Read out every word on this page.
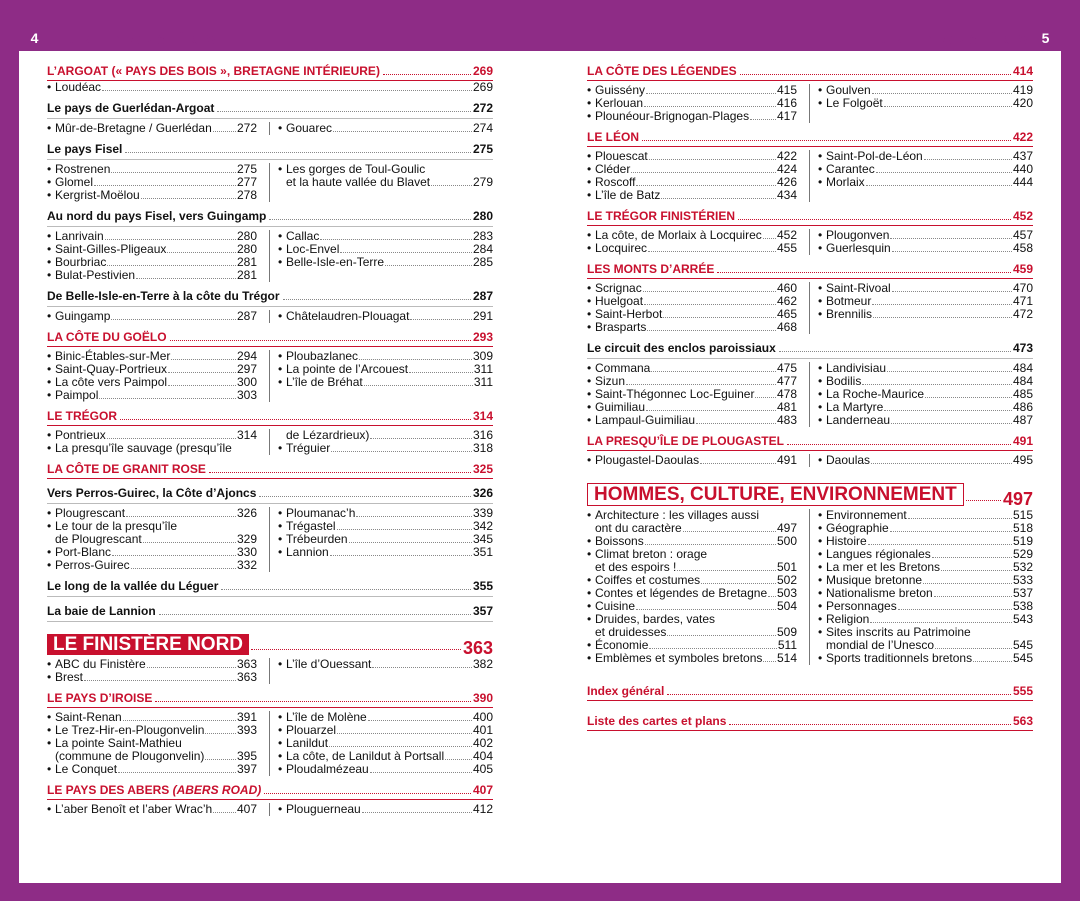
4	TABLE DES MATIÈRES	TABLE DES MATIÈRES	5
L’ARGOAT (« PAYS DES BOIS », BRETAGNE INTÉRIEURE)	269
• Loudéac	269
Le pays de Guerlédan-Argoat	272
• Mûr-de-Bretagne / Guerlédan 272 • Gouarec	274
Le pays Fisel	275
• Rostrenen	275
• Glomel	277
• Kergrist-Moëlou	278
• Les gorges de Toul-Goulic
et la haute vallée du Blavet	279
Au nord du pays Fisel, vers Guingamp	280
• Lanrivain	280
• Saint-Gilles-Pligeaux	280
• Bourbriac	281
• Bulat-Pestivien	281
• Callac	283
• Loc-Envel	284
• Belle-Isle-en-Terre	285
De Belle-Isle-en-Terre à la côte du Trégor	287
• Guingamp	287 • Châtelaudren-Plouagat	291
LA CÔTE DU GOËLO	293
• Binic-Étables-sur-Mer	294
• Saint-Quay-Portrieux	297
• La côte vers Paimpol	300
• Paimpol	303
• Ploubazlanec	309
• La pointe de l’Arcouest	311
• L’île de Bréhat	311
LE TRÉGOR	314
• Pontrieux	314
• La presqu’île sauvage (presqu’île
de Lézardrieux)	316
• Tréguier	318
LA CÔTE DE GRANIT ROSE	325
Vers Perros-Guirec, la Côte d’Ajoncs	326
• Plougrescant	326
• Le tour de la presqu’île
de Plougrescant	329
• Port-Blanc	330
• Perros-Guirec	332
• Ploumanac’h	339
• Trégastel	342
• Trébeurden	345
• Lannion	351
Le long de la vallée du Léguer	355
La baie de Lannion	357
LE FINISTÈRE NORD	363
• ABC du Finistère	363
• Brest	363
• L’île d’Ouessant	382
LE PAYS D’IROISE	390
• Saint-Renan	391
• Le Trez-Hir-en-Plougonvelin	393
• La pointe Saint-Mathieu
(commune de Plougonvelin)	395
• Le Conquet	397
• L’île de Molène	400
• Plouarzel	401
• Lanildut	402
• La côte, de Lanildut à Portsall 404
• Ploudalmézeau	405
LE PAYS DES ABERS (ABERS ROAD)	407
• L’aber Benoît et l’aber Wrac’h 407 • Plouguerneau	412
LA CÔTE DES LÉGENDES	414
• Guissény	415
• Kerlouan	416
• Plounéour-Brignogan-Plages 417
• Goulven	419
• Le Folgoët	420
LE LÉON	422
• Plouescat	422
• Cléder	424
• Roscoff	426
• L’île de Batz	434
• Saint-Pol-de-Léon	437
• Carantec	440
• Morlaix	444
LE TRÉGOR FINISTÉRIEN	452
• La côte, de Morlaix à Locquirec 452
• Locquirec	455
• Plougonven	457
• Guerlesquin	458
LES MONTS D’ARRÉE	459
• Scrignac	460
• Huelgoat	462
• Saint-Herbot	465
• Brasparts	468
• Saint-Rivoal	470
• Botmeur	471
• Brennilis	472
Le circuit des enclos paroissiaux	473
• Commana	475
• Sizun	477
• Saint-Thégonnec Loc-Eguiner 478
• Guimiliau	481
• Lampaul-Guimiliau	483
• Landivisiau	484
• Bodilis	484
• La Roche-Maurice	485
• La Martyre	486
• Landerneau	487
LA PRESQU’ÎLE DE PLOUGASTEL	491
• Plougastel-Daoulas	491 • Daoulas	495
HOMMES, CULTURE, ENVIRONNEMENT	497
• Architecture : les villages aussi
ont du caractère	497
• Boissons	500
• Climat breton : orage
et des espoirs !	501
• Coiffes et costumes	502
• Contes et légendes de Bretagne 503
• Cuisine	504
• Druides, bardes, vates
et druidesses	509
• Économie	511
• Emblèmes et symboles bretons 514
• Environnement	515
• Géographie	518
• Histoire	519
• Langues régionales	529
• La mer et les Bretons	532
• Musique bretonne	533
• Nationalisme breton	537
• Personnages	538
• Religion	543
• Sites inscrits au Patrimoine
mondial de l’Unesco	545
• Sports traditionnels bretons	545
Index général	555
Liste des cartes et plans	563
